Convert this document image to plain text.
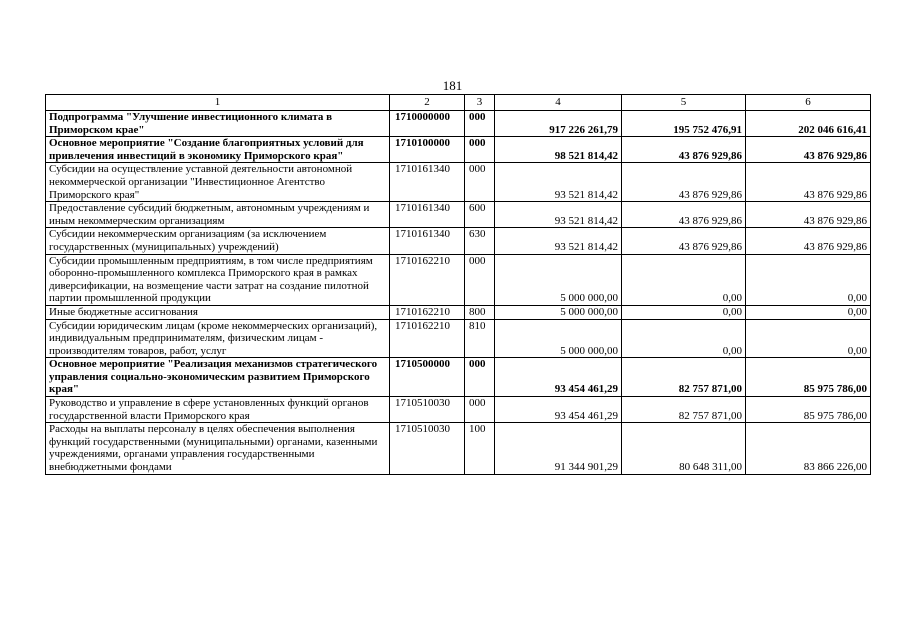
181
1	2	3	4	5	6
Подпрограмма "Улучшение инвестиционного климата в Приморском крае"	1710000000	000	917 226 261,79	195 752 476,91	202 046 616,41
Основное мероприятие "Создание благоприятных условий для привлечения инвестиций в экономику Приморского края"	1710100000	000	98 521 814,42	43 876 929,86	43 876 929,86
Субсидии на осуществление уставной деятельности автономной некоммерческой организации "Инвестиционное Агентство Приморского края"	1710161340	000	93 521 814,42	43 876 929,86	43 876 929,86
Предоставление субсидий бюджетным, автономным учреждениям и иным некоммерческим организациям	1710161340	600	93 521 814,42	43 876 929,86	43 876 929,86
Субсидии некоммерческим организациям (за исключением государственных (муниципальных) учреждений)	1710161340	630	93 521 814,42	43 876 929,86	43 876 929,86
Субсидии промышленным предприятиям, в том числе предприятиям оборонно-промышленного комплекса Приморского края в рамках диверсификации, на возмещение части затрат на создание пилотной партии промышленной продукции	1710162210	000	5 000 000,00	0,00	0,00
Иные бюджетные ассигнования	1710162210	800	5 000 000,00	0,00	0,00
Субсидии юридическим лицам (кроме некоммерческих организаций), индивидуальным предпринимателям, физическим лицам - производителям товаров, работ, услуг	1710162210	810	5 000 000,00	0,00	0,00
Основное мероприятие "Реализация механизмов стратегического управления социально-экономическим развитием Приморского края"	1710500000	000	93 454 461,29	82 757 871,00	85 975 786,00
Руководство и управление в сфере установленных функций органов государственной власти Приморского края	1710510030	000	93 454 461,29	82 757 871,00	85 975 786,00
Расходы на выплаты персоналу в целях обеспечения выполнения функций государственными (муниципальными) органами, казенными учреждениями, органами управления государственными внебюджетными фондами	1710510030	100	91 344 901,29	80 648 311,00	83 866 226,00
